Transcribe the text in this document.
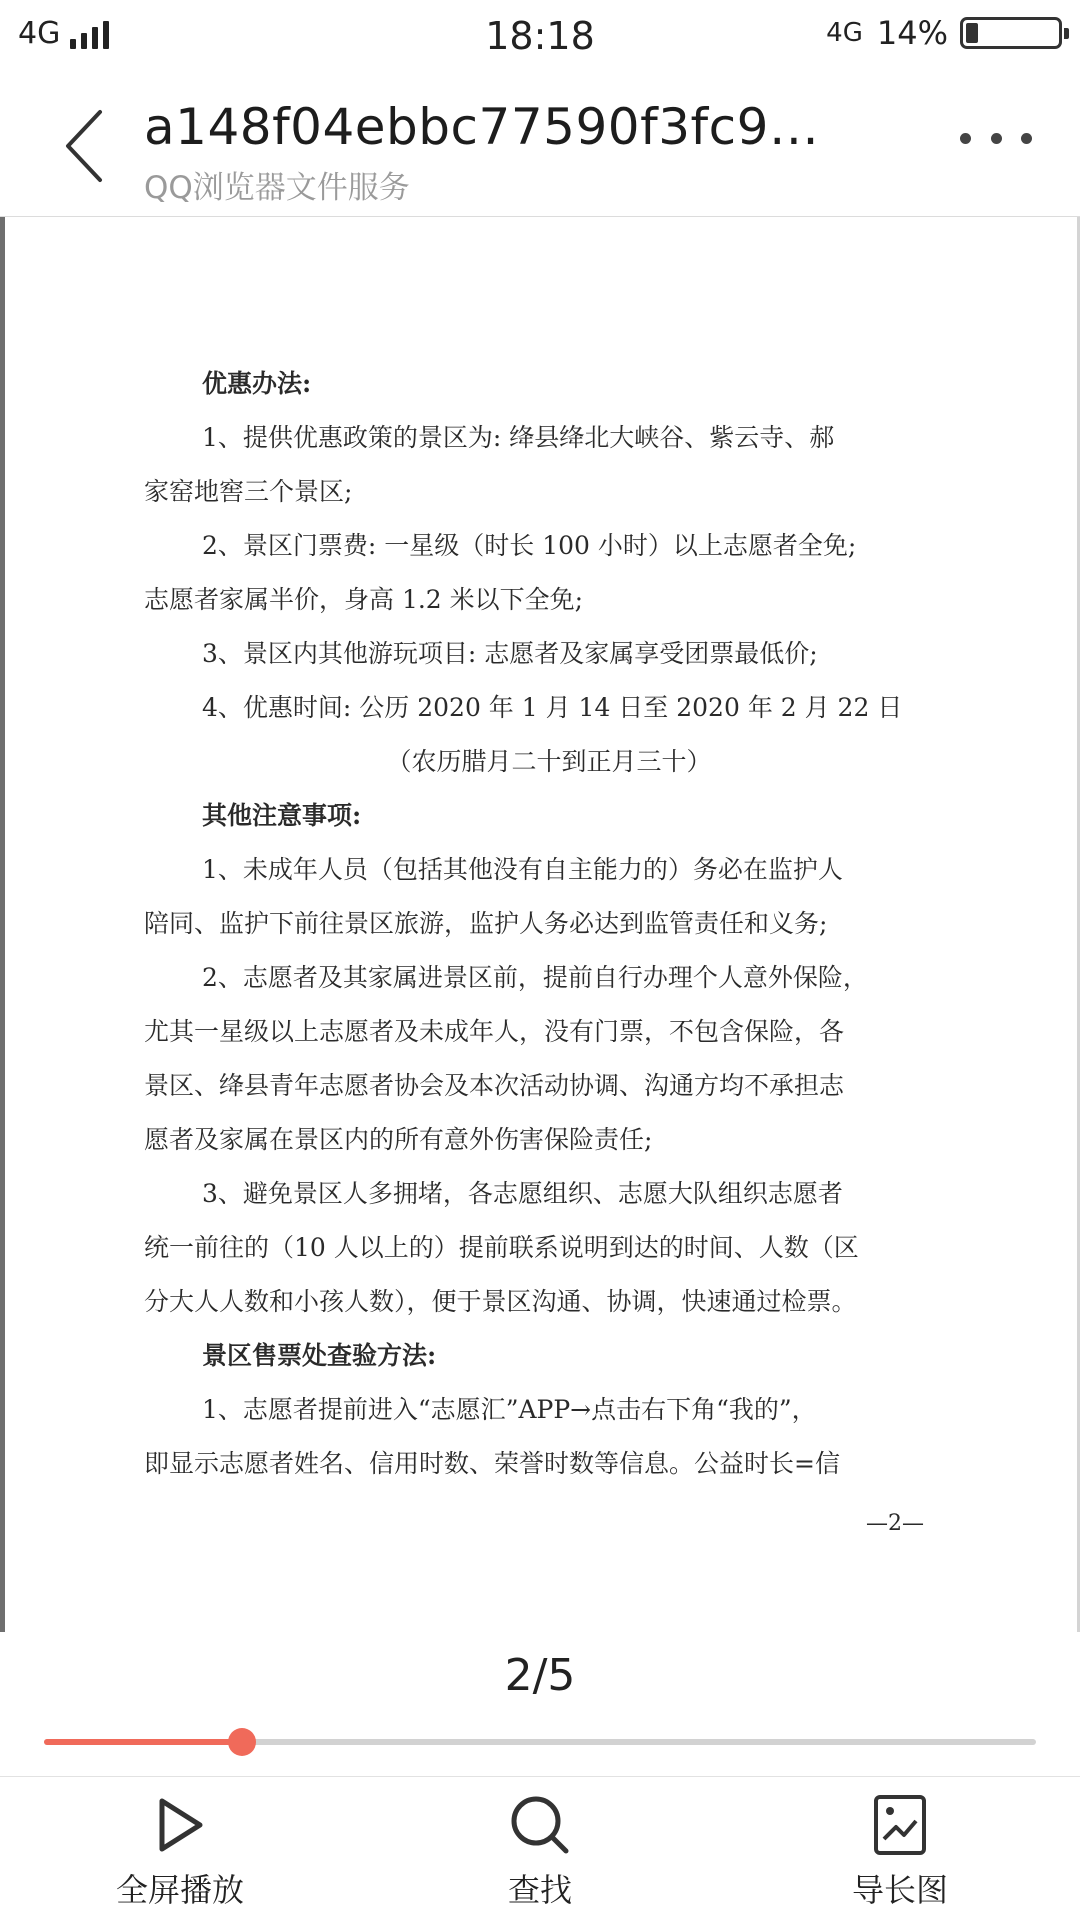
4G	18:18	4G 14%
a148f04ebbc77590f3fc9…
QQ浏览器文件服务

优惠办法:

1、提供优惠政策的景区为: 绛县绛北大峡谷、紫云寺、郝

家窑地窖三个景区;

2、景区门票费: 一星级（时长 100 小时）以上志愿者全免;

志愿者家属半价，身高 1.2 米以下全免;

3、景区内其他游玩项目: 志愿者及家属享受团票最低价;

4、优惠时间: 公历 2020 年 1 月 14 日至 2020 年 2 月 22 日

（农历腊月二十到正月三十）

其他注意事项:

1、未成年人员（包括其他没有自主能力的）务必在监护人

陪同、监护下前往景区旅游，监护人务必达到监管责任和义务;

2、志愿者及其家属进景区前，提前自行办理个人意外保险，

尤其一星级以上志愿者及未成年人，没有门票，不包含保险，各

景区、绛县青年志愿者协会及本次活动协调、沟通方均不承担志

愿者及家属在景区内的所有意外伤害保险责任;

3、避免景区人多拥堵，各志愿组织、志愿大队组织志愿者

统一前往的（10 人以上的）提前联系说明到达的时间、人数（区

分大人人数和小孩人数），便于景区沟通、协调，快速通过检票。

景区售票处查验方法:

1、志愿者提前进入“志愿汇”APP→点击右下角“我的”，

即显示志愿者姓名、信用时数、荣誉时数等信息。公益时长=信

—2—

2/5
全屏播放	查找	导长图
